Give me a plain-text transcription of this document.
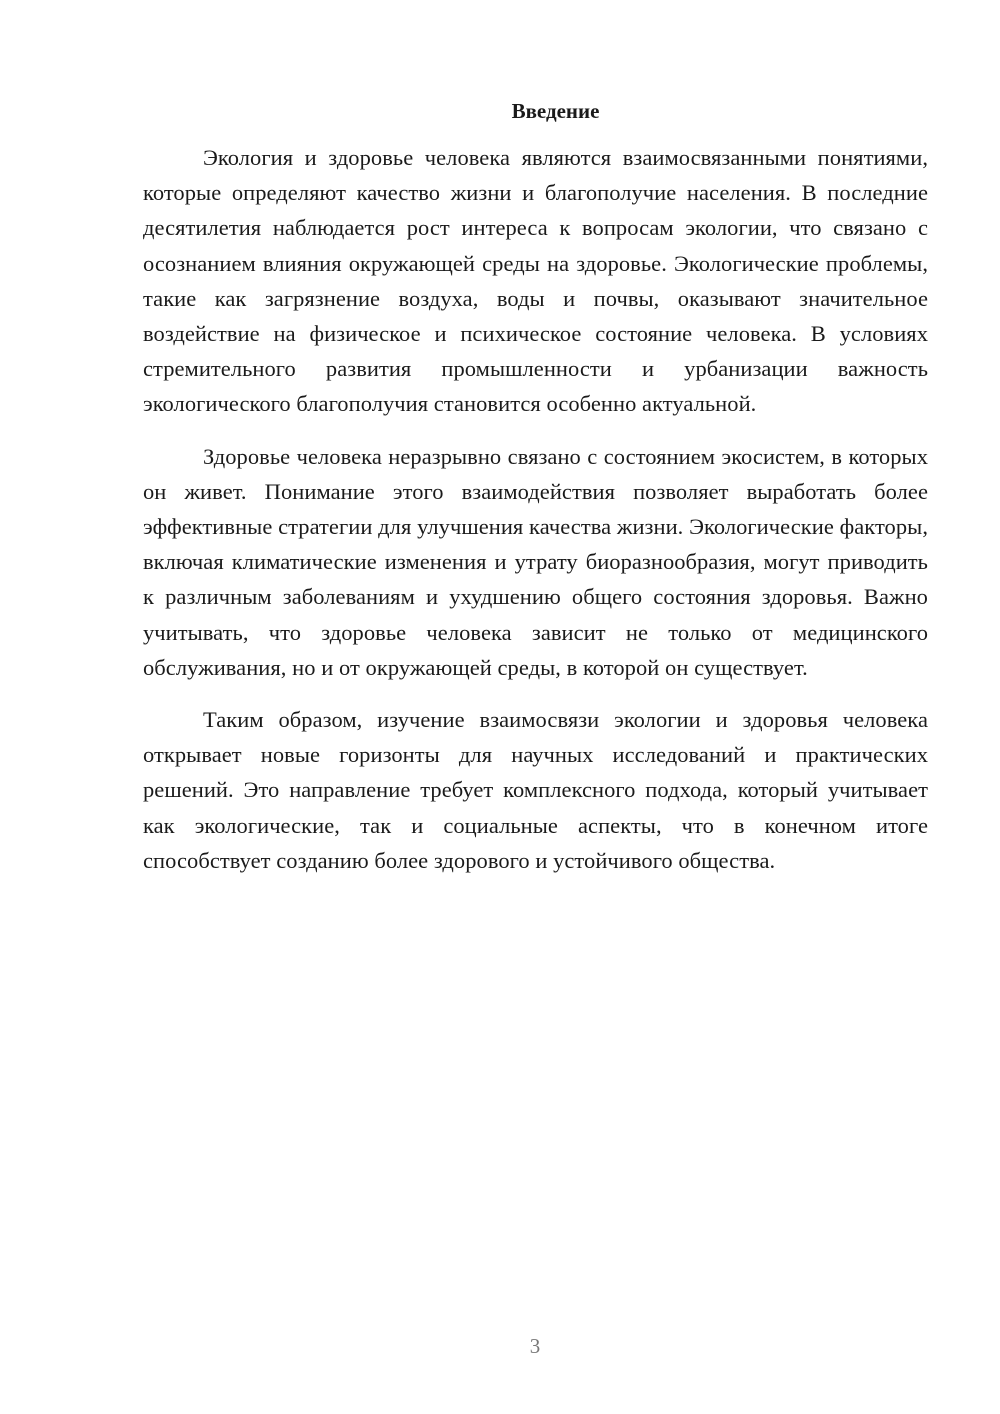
Введение

Экология и здоровье человека являются взаимосвязанными понятиями, которые определяют качество жизни и благополучие населения. В последние десятилетия наблюдается рост интереса к вопросам экологии, что связано с осознанием влияния окружающей среды на здоровье. Экологические проблемы, такие как загрязнение воздуха, воды и почвы, оказывают значительное воздействие на физическое и психическое состояние человека. В условиях стремительного развития промышленности и урбанизации важность экологического благополучия становится особенно актуальной.

Здоровье человека неразрывно связано с состоянием экосистем, в которых он живет. Понимание этого взаимодействия позволяет выработать более эффективные стратегии для улучшения качества жизни. Экологические факторы, включая климатические изменения и утрату биоразнообразия, могут приводить к различным заболеваниям и ухудшению общего состояния здоровья. Важно учитывать, что здоровье человека зависит не только от медицинского обслуживания, но и от окружающей среды, в которой он существует.

Таким образом, изучение взаимосвязи экологии и здоровья человека открывает новые горизонты для научных исследований и практических решений. Это направление требует комплексного подхода, который учитывает как экологические, так и социальные аспекты, что в конечном итоге способствует созданию более здорового и устойчивого общества.

3
